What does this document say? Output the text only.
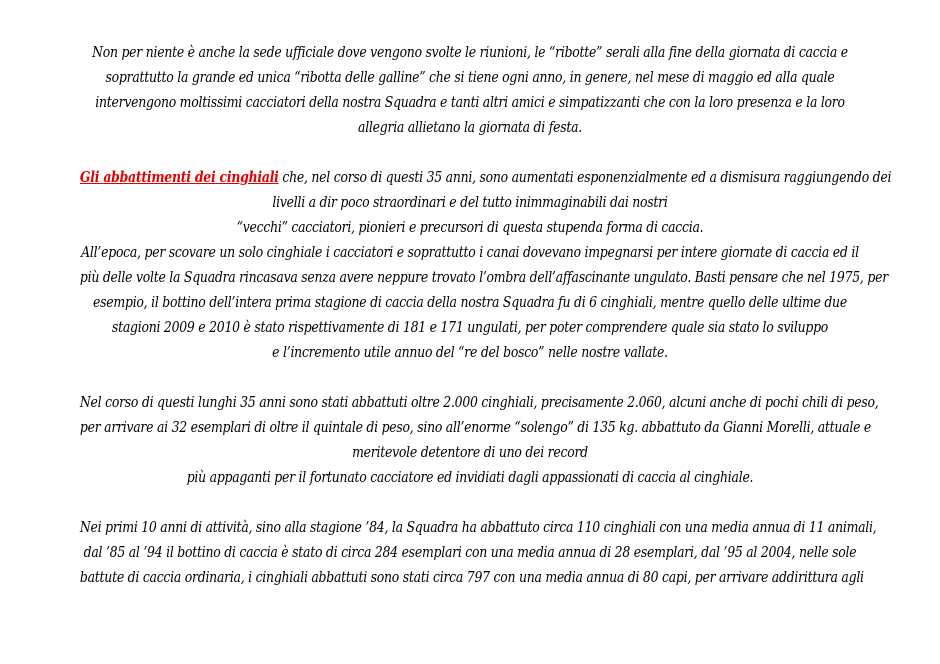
Non per niente è anche la sede ufficiale dove vengono svolte le riunioni, le “ribotte” serali alla fine della giornata di caccia e
soprattutto la grande ed unica “ribotta delle galline” che si tiene ogni anno, in genere, nel mese di maggio ed alla quale
intervengono moltissimi cacciatori della nostra Squadra e tanti altri amici e simpatizzanti che con la loro presenza e la loro
allegria allietano la giornata di festa.

Gli abbattimenti dei cinghiali che, nel corso di questi 35 anni, sono aumentati esponenzialmente ed a dismisura raggiungendo dei
livelli a dir poco straordinari e del tutto inimmaginabili dai nostri
“vecchi” cacciatori, pionieri e precursori di questa stupenda forma di caccia.
All’epoca, per scovare un solo cinghiale i cacciatori e soprattutto i canai dovevano impegnarsi per intere giornate di caccia ed il
più delle volte la Squadra rincasava senza avere neppure trovato l’ombra dell’affascinante ungulato. Basti pensare che nel 1975, per
esempio, il bottino dell’intera prima stagione di caccia della nostra Squadra fu di 6 cinghiali, mentre quello delle ultime due
stagioni 2009 e 2010 è stato rispettivamente di 181 e 171 ungulati, per poter comprendere quale sia stato lo sviluppo
e l’incremento utile annuo del “re del bosco” nelle nostre vallate.

Nel corso di questi lunghi 35 anni sono stati abbattuti oltre 2.000 cinghiali, precisamente 2.060, alcuni anche di pochi chili di peso,
per arrivare ai 32 esemplari di oltre il quintale di peso, sino all’enorme “solengo” di 135 kg. abbattuto da Gianni Morelli, attuale e
meritevole detentore di uno dei record
più appaganti per il fortunato cacciatore ed invidiati dagli appassionati di caccia al cinghiale.

Nei primi 10 anni di attività, sino alla stagione ’84, la Squadra ha abbattuto circa 110 cinghiali con una media annua di 11 animali,
dal ’85 al ’94 il bottino di caccia è stato di circa 284 esemplari con una media annua di 28 esemplari, dal ’95 al 2004, nelle sole
battute di caccia ordinaria, i cinghiali abbattuti sono stati circa 797 con una media annua di 80 capi, per arrivare addirittura agli
